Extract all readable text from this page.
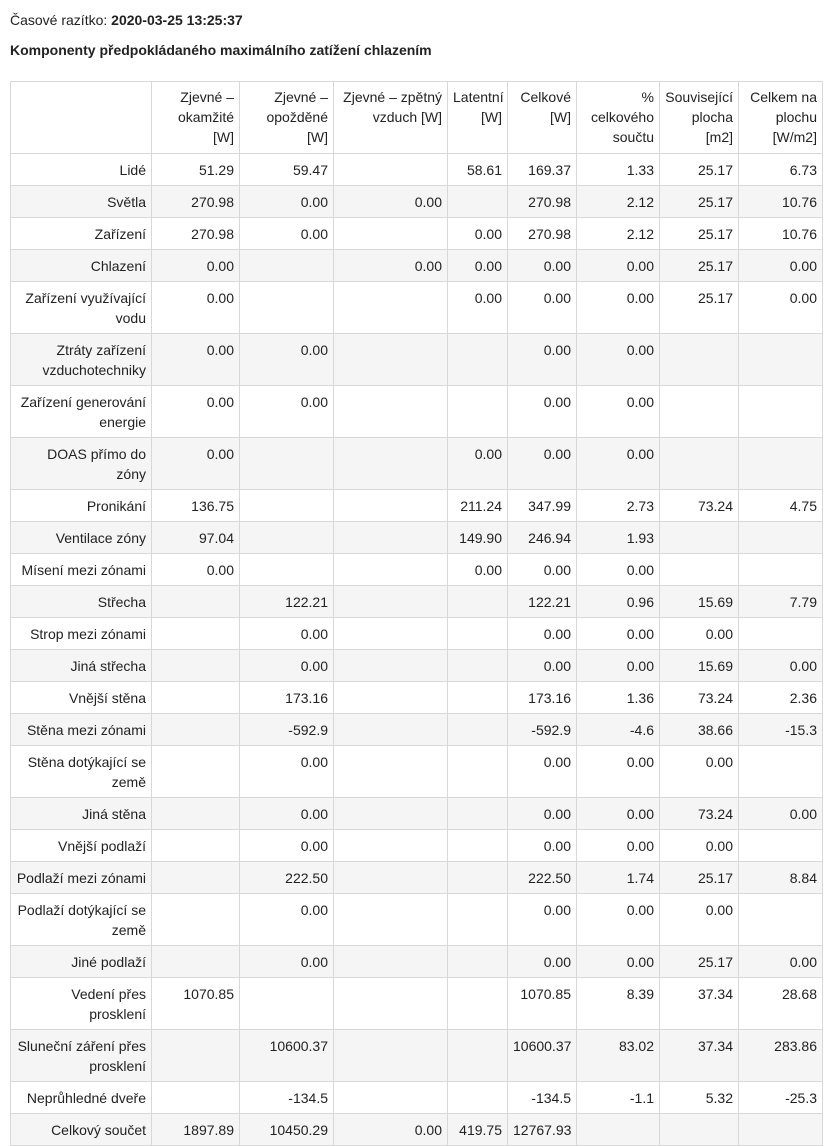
Časové razítko: 2020-03-25 13:25:37
Komponenty předpokládaného maximálního zatížení chlazením
	Zjevné – okamžité [W]	Zjevné – opožděné [W]	Zjevné – zpětný vzduch [W]	Latentní [W]	Celkové [W]	% celkového součtu	Související plocha [m2]	Celkem na plochu [W/m2]
Lidé	51.29	59.47		58.61	169.37	1.33	25.17	6.73
Světla	270.98	0.00	0.00		270.98	2.12	25.17	10.76
Zařízení	270.98	0.00		0.00	270.98	2.12	25.17	10.76
Chlazení	0.00		0.00	0.00	0.00	0.00	25.17	0.00
Zařízení využívající vodu	0.00			0.00	0.00	0.00	25.17	0.00
Ztráty zařízení vzduchotechniky	0.00	0.00			0.00	0.00		
Zařízení generování energie	0.00	0.00			0.00	0.00		
DOAS přímo do zóny	0.00			0.00	0.00	0.00		
Pronikání	136.75			211.24	347.99	2.73	73.24	4.75
Ventilace zóny	97.04			149.90	246.94	1.93		
Mísení mezi zónami	0.00			0.00	0.00	0.00		
Střecha		122.21			122.21	0.96	15.69	7.79
Strop mezi zónami		0.00			0.00	0.00	0.00	
Jiná střecha		0.00			0.00	0.00	15.69	0.00
Vnější stěna		173.16			173.16	1.36	73.24	2.36
Stěna mezi zónami		-592.9			-592.9	-4.6	38.66	-15.3
Stěna dotýkající se země		0.00			0.00	0.00	0.00	
Jiná stěna		0.00			0.00	0.00	73.24	0.00
Vnější podlaží		0.00			0.00	0.00	0.00	
Podlaží mezi zónami		222.50			222.50	1.74	25.17	8.84
Podlaží dotýkající se země		0.00			0.00	0.00	0.00	
Jiné podlaží		0.00			0.00	0.00	25.17	0.00
Vedení přes prosklení	1070.85				1070.85	8.39	37.34	28.68
Sluneční záření přes prosklení		10600.37			10600.37	83.02	37.34	283.86
Neprůhledné dveře		-134.5			-134.5	-1.1	5.32	-25.3
Celkový součet	1897.89	10450.29	0.00	419.75	12767.93			
